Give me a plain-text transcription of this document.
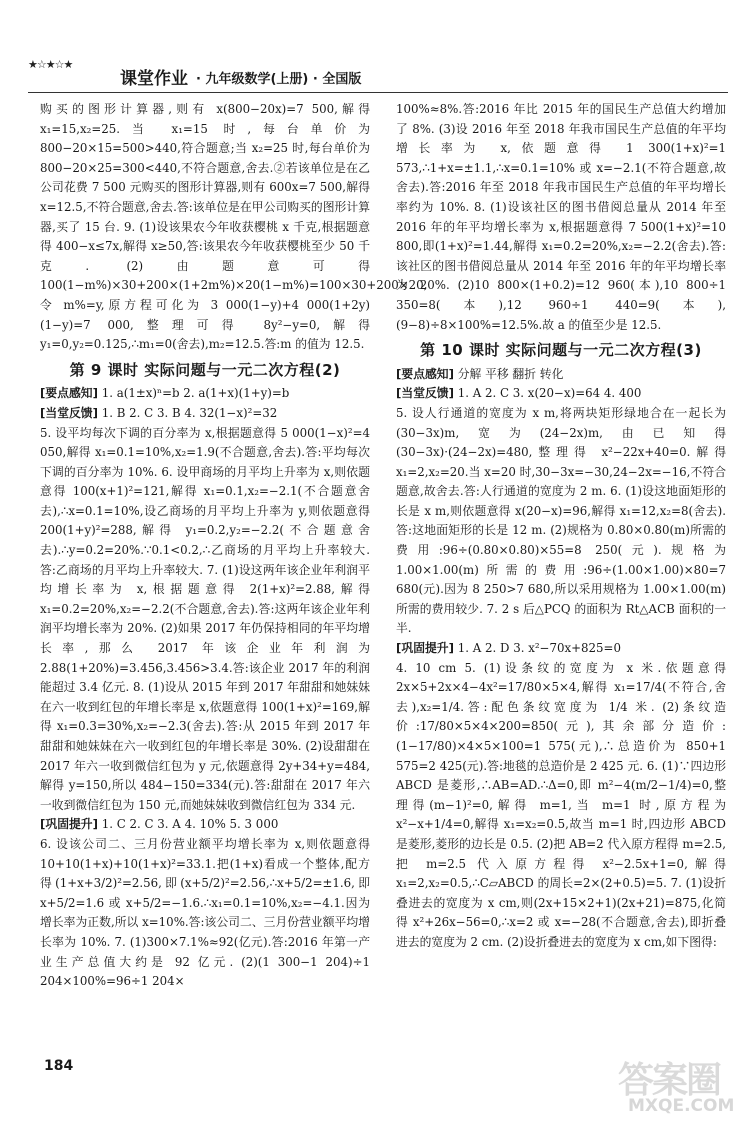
★☆★☆★
课堂作业 · 九年级数学(上册) · 全国版

购买的图形计算器,则有 x(800−20x)=7 500,解得 x₁=15,x₂=25.当 x₁=15 时,每台单价为 800−20×15=500>440,符合题意;当 x₂=25 时,每台单价为 800−20×25=300<440,不符合题意,舍去.②若该单位是在乙公司花费 7 500 元购买的图形计算器,则有 600x=7 500,解得 x=12.5,不符合题意,舍去.答:该单位是在甲公司购买的图形计算器,买了 15 台. 9. (1)设该果农今年收获樱桃 x 千克,根据题意得 400−x≤7x,解得 x≥50,答:该果农今年收获樱桃至少 50 千克. (2)由题意可得 100(1−m%)×30+200×(1+2m%)×20(1−m%)=100×30+200×20,令 m%=y,原方程可化为 3 000(1−y)+4 000(1+2y)(1−y)=7 000,整理可得 8y²−y=0,解得 y₁=0,y₂=0.125,∴m₁=0(舍去),m₂=12.5.答:m 的值为 12.5.

第 9 课时 实际问题与一元二次方程(2)

[要点感知] 1. a(1±x)ⁿ=b 2. a(1+x)(1+y)=b

[当堂反馈] 1. B 2. C 3. B 4. 32(1−x)²=32

5. 设平均每次下调的百分率为 x,根据题意得 5 000(1−x)²=4 050,解得 x₁=0.1=10%,x₂=1.9(不合题意,舍去).答:平均每次下调的百分率为 10%. 6. 设甲商场的月平均上升率为 x,则依题意得 100(x+1)²=121,解得 x₁=0.1,x₂=−2.1(不合题意舍去),∴x=0.1=10%,设乙商场的月平均上升率为 y,则依题意得 200(1+y)²=288,解得 y₁=0.2,y₂=−2.2(不合题意舍去).∴y=0.2=20%.∵0.1<0.2,∴乙商场的月平均上升率较大.答:乙商场的月平均上升率较大. 7. (1)设这两年该企业年利润平均增长率为 x,根据题意得 2(1+x)²=2.88,解得 x₁=0.2=20%,x₂=−2.2(不合题意,舍去).答:这两年该企业年利润平均增长率为 20%. (2)如果 2017 年仍保持相同的年平均增长率,那么 2017 年该企业年利润为 2.88(1+20%)=3.456,3.456>3.4.答:该企业 2017 年的利润能超过 3.4 亿元. 8. (1)设从 2015 年到 2017 年甜甜和她妹妹在六一收到红包的年增长率是 x,依题意得 100(1+x)²=169,解得 x₁=0.3=30%,x₂=−2.3(舍去).答:从 2015 年到 2017 年甜甜和她妹妹在六一收到红包的年增长率是 30%. (2)设甜甜在 2017 年六一收到微信红包为 y 元,依题意得 2y+34+y=484,解得 y=150,所以 484−150=334(元).答:甜甜在 2017 年六一收到微信红包为 150 元,而她妹妹收到微信红包为 334 元.

[巩固提升] 1. C 2. C 3. A 4. 10% 5. 3 000

6. 设该公司二、三月份营业额平均增长率为 x,则依题意得 10+10(1+x)+10(1+x)²=33.1.把(1+x)看成一个整体,配方得(1+x+3/2)²=2.56,即(x+5/2)²=2.56,∴x+5/2=±1.6,即 x+5/2=1.6 或 x+5/2=−1.6.∴x₁=0.1=10%,x₂=−4.1.因为增长率为正数,所以 x=10%.答:该公司二、三月份营业额平均增长率为 10%. 7. (1)300×7.1%≈92(亿元).答:2016 年第一产业生产总值大约是 92 亿元. (2)(1 300−1 204)÷1 204×100%=96÷1 204×

100%≈8%.答:2016 年比 2015 年的国民生产总值大约增加了 8%. (3)设 2016 年至 2018 年我市国民生产总值的年平均增长率为 x,依题意得 1 300(1+x)²=1 573,∴1+x=±1.1,∴x=0.1=10% 或 x=−2.1(不符合题意,故舍去).答:2016 年至 2018 年我市国民生产总值的年平均增长率约为 10%. 8. (1)设该社区的图书借阅总量从 2014 年至 2016 年的年平均增长率为 x,根据题意得 7 500(1+x)²=10 800,即(1+x)²=1.44,解得 x₁=0.2=20%,x₂=−2.2(舍去).答:该社区的图书借阅总量从 2014 年至 2016 年的年平均增长率为 20%. (2)10 800×(1+0.2)=12 960(本),10 800÷1 350=8(本),12 960÷1 440=9(本),(9−8)÷8×100%=12.5%.故 a 的值至少是 12.5.

第 10 课时 实际问题与一元二次方程(3)

[要点感知] 分解 平移 翻折 转化

[当堂反馈] 1. A 2. C 3. x(20−x)=64 4. 400

5. 设人行通道的宽度为 x m,将两块矩形绿地合在一起长为(30−3x)m,宽为(24−2x)m,由已知得(30−3x)·(24−2x)=480,整理得 x²−22x+40=0.解得 x₁=2,x₂=20.当 x=20 时,30−3x=−30,24−2x=−16,不符合题意,故舍去.答:人行通道的宽度为 2 m. 6. (1)设这地面矩形的长是 x m,则依题意得 x(20−x)=96,解得 x₁=12,x₂=8(舍去).答:这地面矩形的长是 12 m. (2)规格为 0.80×0.80(m)所需的费用:96÷(0.80×0.80)×55=8 250(元).规格为 1.00×1.00(m)所需的费用:96÷(1.00×1.00)×80=7 680(元).因为 8 250>7 680,所以采用规格为 1.00×1.00(m)所需的费用较少. 7. 2 s 后△PCQ 的面积为 Rt△ACB 面积的一半.

[巩固提升] 1. A 2. D 3. x²−70x+825=0

4. 10 cm 5. (1)设条纹的宽度为 x 米.依题意得 2x×5+2x×4−4x²=17/80×5×4,解得 x₁=17/4(不符合,舍去),x₂=1/4.答:配色条纹宽度为 1/4 米. (2)条纹造价:17/80×5×4×200=850(元),其余部分造价:(1−17/80)×4×5×100=1 575(元),∴总造价为 850+1 575=2 425(元).答:地毯的总造价是 2 425 元. 6. (1)∵四边形 ABCD 是菱形,∴AB=AD.∴Δ=0,即 m²−4(m/2−1/4)=0,整理得(m−1)²=0,解得 m=1,当 m=1 时,原方程为 x²−x+1/4=0,解得 x₁=x₂=0.5,故当 m=1 时,四边形 ABCD 是菱形,菱形的边长是 0.5. (2)把 AB=2 代入原方程得 m=2.5,把 m=2.5 代入原方程得 x²−2.5x+1=0,解得 x₁=2,x₂=0.5,∴C▱ABCD 的周长=2×(2+0.5)=5. 7. (1)设折叠进去的宽度为 x cm,则(2x+15×2+1)(2x+21)=875,化简得 x²+26x−56=0,∴x=2 或 x=−28(不合题意,舍去),即折叠进去的宽度为 2 cm. (2)设折叠进去的宽度为 x cm,如下图得:

184	答案圈
MXQE.COM
